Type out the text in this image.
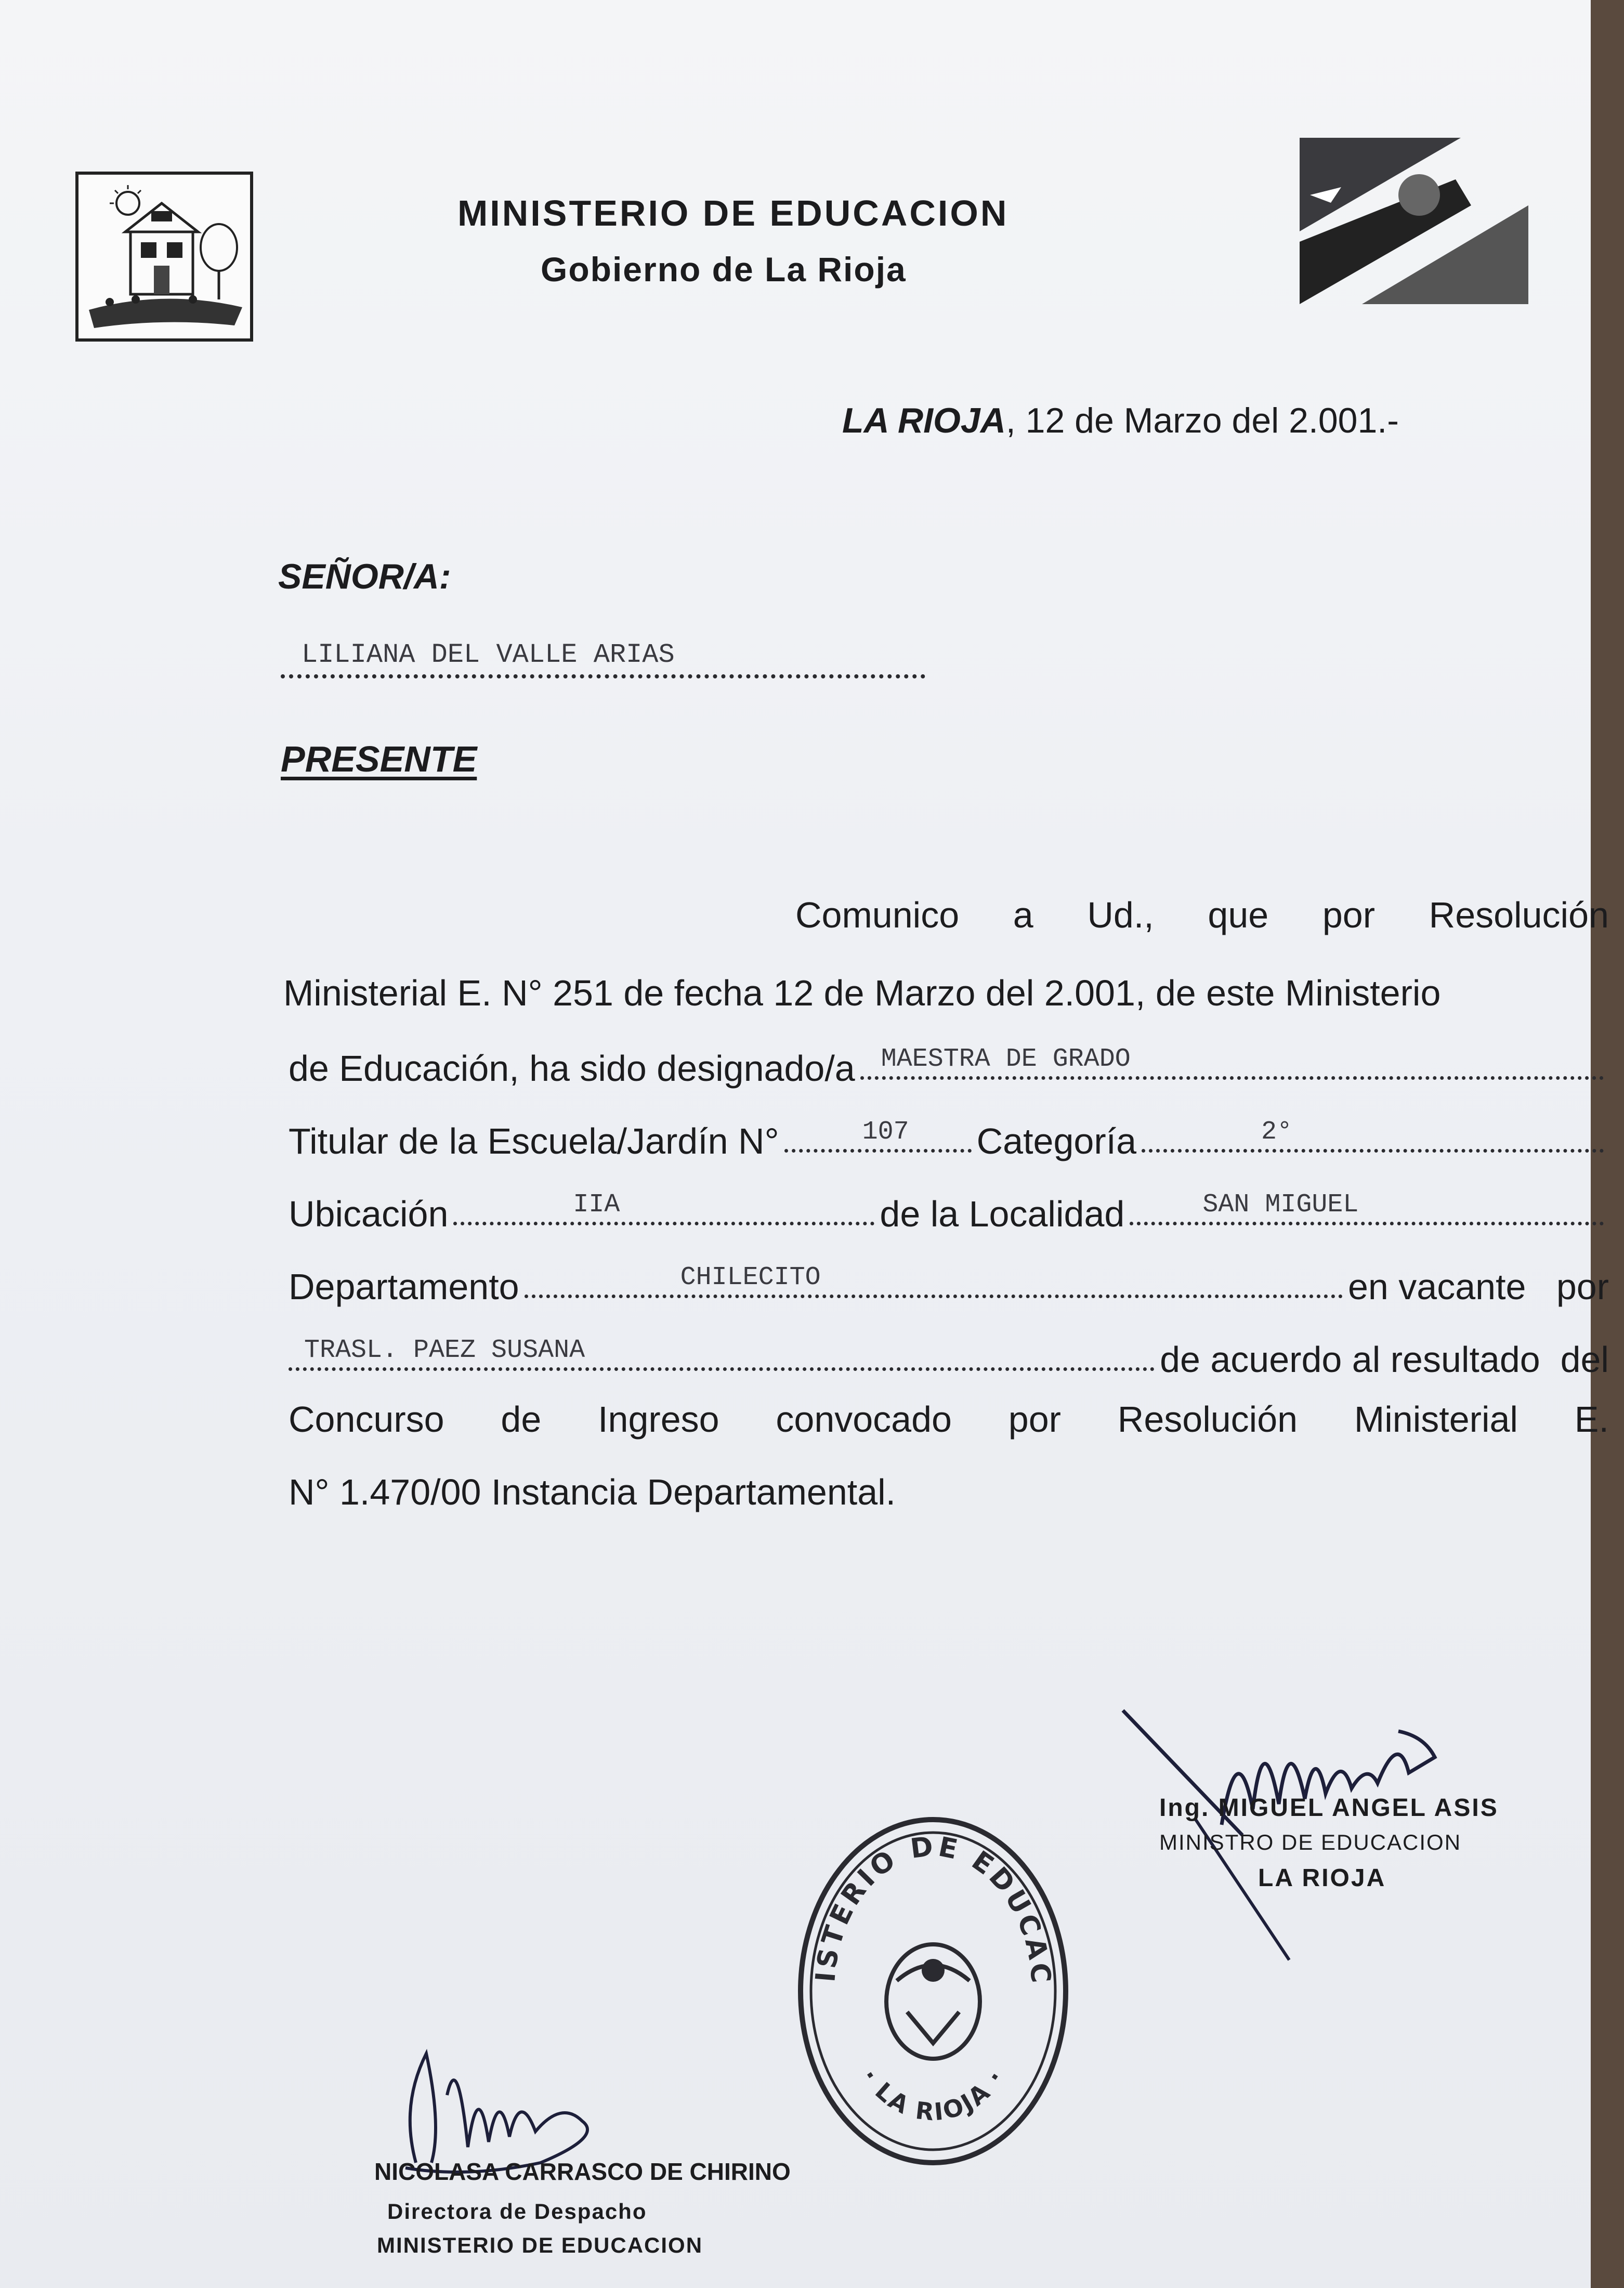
MINISTERIO DE EDUCACION
Gobierno de La Rioja
LA RIOJA, 12 de Marzo del 2.001.-
SEÑOR/A:
LILIANA DEL VALLE ARIAS
PRESENTE
Comunico a Ud., que por Resolución
Ministerial E. N° 251 de fecha 12 de Marzo del 2.001, de este Ministerio
de Educación, ha sido designado/a MAESTRA DE GRADO
Titular de la Escuela/Jardín N°	107 Categoría	2°
Ubicación	IIA	de la Localidad	SAN MIGUEL
Departamento	CHILECITO	en vacante   por
TRASL. PAEZ SUSANA	de acuerdo al resultado  del
Concurso de Ingreso convocado por Resolución Ministerial E.
N° 1.470/00 Instancia Departamental.
Ing. MIGUEL ANGEL ASIS
MINISTRO DE EDUCACION
LA RIOJA
ISTERIO DE EDUCAC
· LA RIOJA ·
NICOLASA CARRASCO DE CHIRINO
Directora de Despacho
MINISTERIO DE EDUCACION
